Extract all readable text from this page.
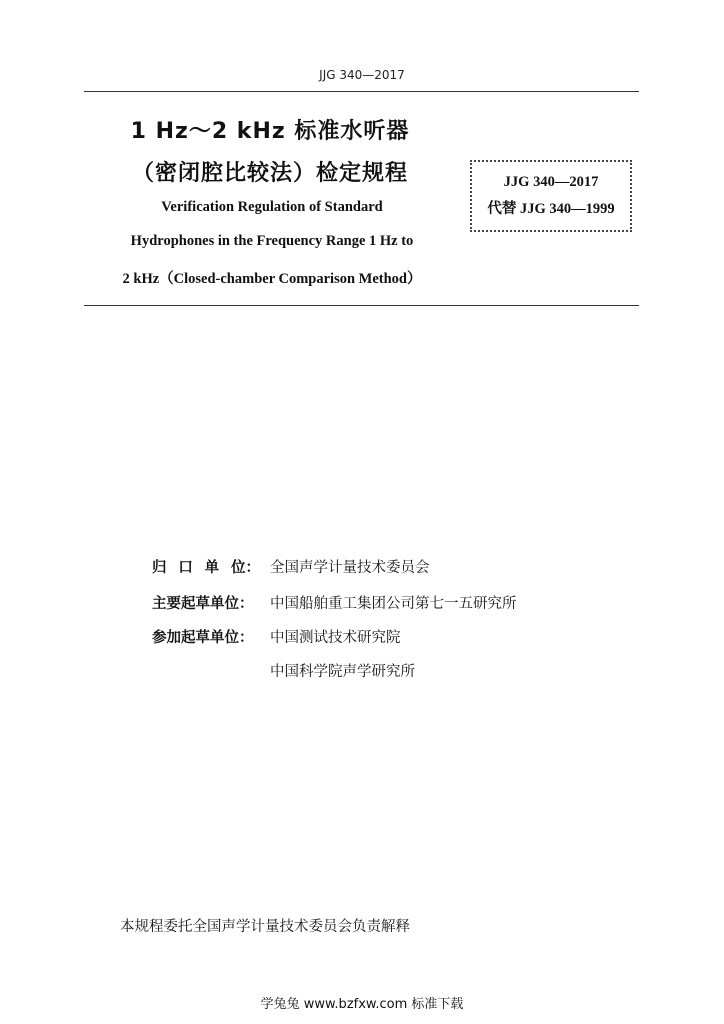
JJG 340—2017
1 Hz～2 kHz 标准水听器
（密闭腔比较法）检定规程	JJG 340—2017
代替 JJG 340—1999
Verification Regulation of Standard
Hydrophones in the Frequency Range 1 Hz to
2 kHz（Closed-chamber Comparison Method）
归 口 单 位： 全国声学计量技术委员会
主要起草单位： 中国船舶重工集团公司第七一五研究所
参加起草单位： 中国测试技术研究院
中国科学院声学研究所
本规程委托全国声学计量技术委员会负责解释
学兔兔 www.bzfxw.com 标准下载
